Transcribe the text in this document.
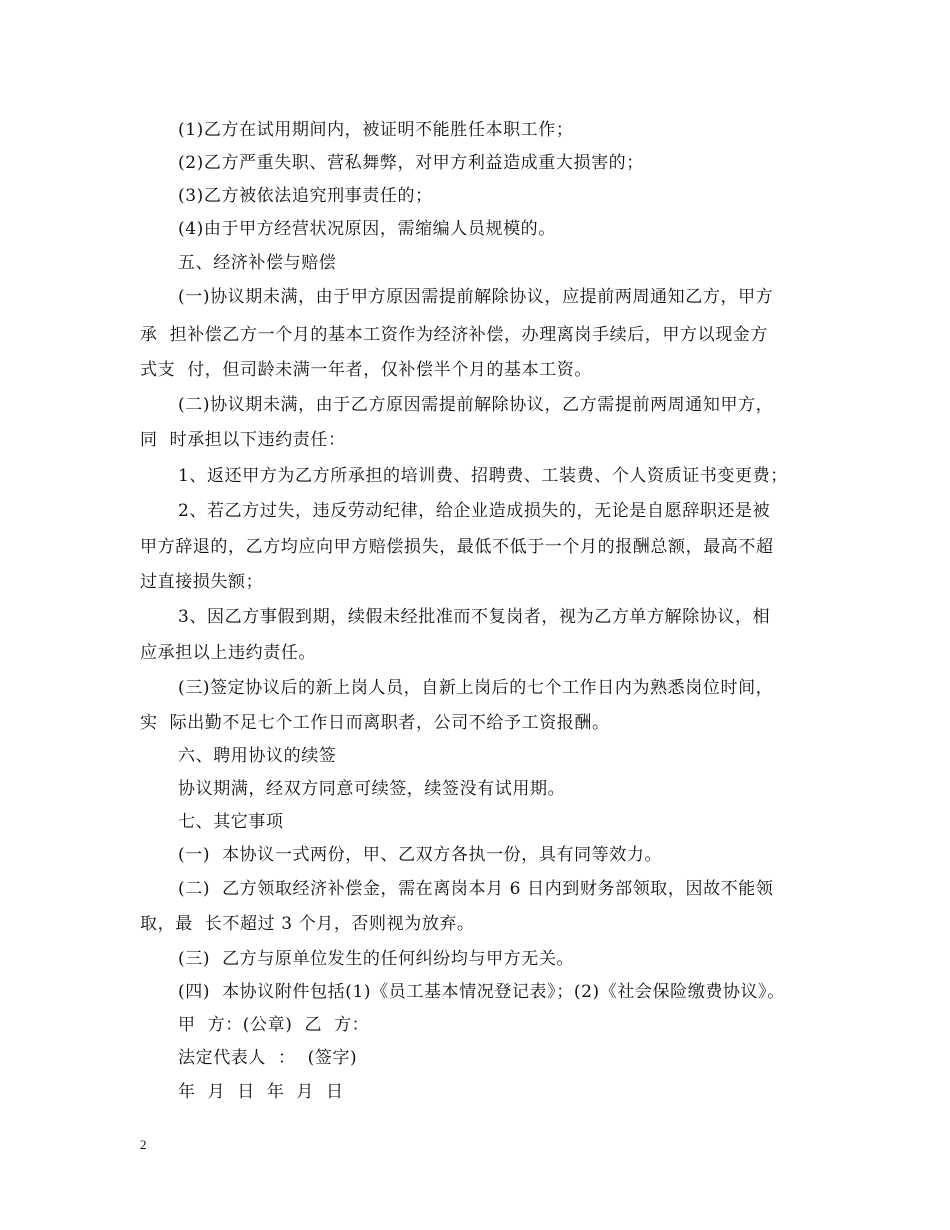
(1)乙方在试用期间内，被证明不能胜任本职工作；
(2)乙方严重失职、营私舞弊，对甲方利益造成重大损害的；
(3)乙方被依法追究刑事责任的；
(4)由于甲方经营状况原因，需缩编人员规模的。
五、经济补偿与赔偿
(一)协议期未满，由于甲方原因需提前解除协议，应提前两周通知乙方，甲方
承  担补偿乙方一个月的基本工资作为经济补偿，办理离岗手续后，甲方以现金方
式支  付，但司龄未满一年者，仅补偿半个月的基本工资。
(二)协议期未满，由于乙方原因需提前解除协议，乙方需提前两周通知甲方，
同  时承担以下违约责任：
1、返还甲方为乙方所承担的培训费、招聘费、工装费、个人资质证书变更费；
2、若乙方过失，违反劳动纪律，给企业造成损失的，无论是自愿辞职还是被
甲方辞退的，乙方均应向甲方赔偿损失，最低不低于一个月的报酬总额，最高不超
过直接损失额；
3、因乙方事假到期，续假未经批准而不复岗者，视为乙方单方解除协议，相
应承担以上违约责任。
(三)签定协议后的新上岗人员，自新上岗后的七个工作日内为熟悉岗位时间，
实  际出勤不足七个工作日而离职者，公司不给予工资报酬。
六、聘用协议的续签
协议期满，经双方同意可续签，续签没有试用期。
七、其它事项
(一)  本协议一式两份，甲、乙双方各执一份，具有同等效力。
(二)  乙方领取经济补偿金，需在离岗本月 6 日内到财务部领取，因故不能领
取，最  长不超过 3 个月，否则视为放弃。
(三)  乙方与原单位发生的任何纠纷均与甲方无关。
(四)  本协议附件包括(1)《员工基本情况登记表》；(2)《社会保险缴费协议》。
甲  方：(公章)  乙  方：
法定代表人  ：  (签字)
年  月  日  年  月  日
2
